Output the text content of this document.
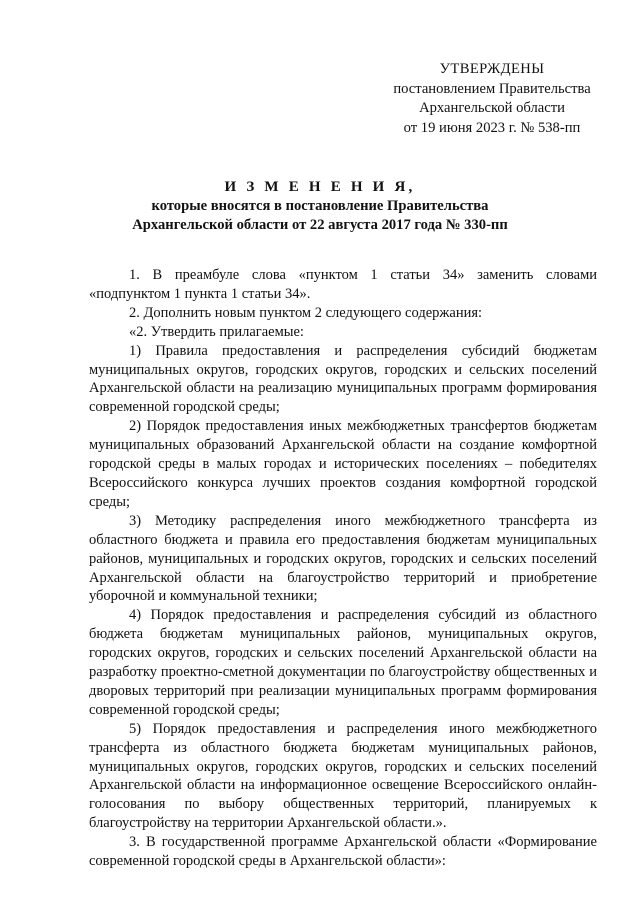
УТВЕРЖДЕНЫ
постановлением Правительства
Архангельской области
от 19 июня 2023 г. № 538-пп
И З М Е Н Е Н И Я,
которые вносятся в постановление Правительства
Архангельской области от 22 августа 2017 года № 330-пп

1. В преамбуле слова «пунктом 1 статьи 34» заменить словами «подпунктом 1 пункта 1 статьи 34».

2. Дополнить новым пунктом 2 следующего содержания:

«2. Утвердить прилагаемые:

1) Правила предоставления и распределения субсидий бюджетам муниципальных округов, городских округов, городских и сельских поселений Архангельской области на реализацию муниципальных программ формирования современной городской среды;

2) Порядок предоставления иных межбюджетных трансфертов бюджетам муниципальных образований Архангельской области на создание комфортной городской среды в малых городах и исторических поселениях – победителях Всероссийского конкурса лучших проектов создания комфортной городской среды;

3) Методику распределения иного межбюджетного трансферта из областного бюджета и правила его предоставления бюджетам муниципальных районов, муниципальных и городских округов, городских и сельских поселений Архангельской области на благоустройство территорий и приобретение уборочной и коммунальной техники;

4) Порядок предоставления и распределения субсидий из областного бюджета бюджетам муниципальных районов, муниципальных округов, городских округов, городских и сельских поселений Архангельской области на разработку проектно-сметной документации по благоустройству общественных и дворовых территорий при реализации муниципальных программ формирования современной городской среды;

5) Порядок предоставления и распределения иного межбюджетного трансферта из областного бюджета бюджетам муниципальных районов, муниципальных округов, городских округов, городских и сельских поселений Архангельской области на информационное освещение Всероссийского онлайн-голосования по выбору общественных территорий, планируемых к благоустройству на территории Архангельской области.».

3. В государственной программе Архангельской области «Формирование современной городской среды в Архангельской области»:
